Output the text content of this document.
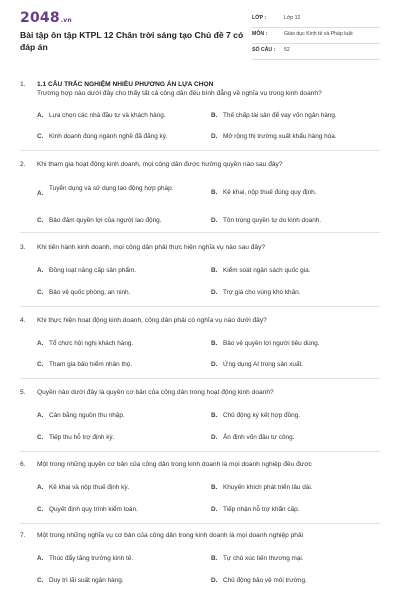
2048.vn
Bài tập ôn tập KTPL 12 Chân trời sáng tạo Chủ đề 7 có đáp án
LỚP :	Lớp 12
MÔN :	Giáo dục Kinh tế và Pháp luật
SỐ CÂU : 52
1. 1.1 CÂU TRẮC NGHIỆM NHIỀU PHƯƠNG ÁN LỰA CHỌN
Trường hợp nào dưới đây cho thấy tất cả công dân đều bình đẳng về nghĩa vụ trong kinh doanh?
A. Lựa chọn các nhà đầu tư và khách hàng.	B. Thế chấp tài sản để vay vốn ngân hàng.
C. Kinh doanh đúng ngành nghề đã đăng ký.	D. Mở rộng thị trường xuất khẩu hàng hóa.
2. Khi tham gia hoạt động kinh doanh, mọi công dân được hưởng quyền nào sau đây?
A.
Tuyển dụng và sử dụng lao động hợp pháp.
B. Kê khai, nộp thuế đúng quy định.
C. Bảo đảm quyền lợi của người lao động.	D. Tôn trọng quyền tự do kinh doanh.
3. Khi tiến hành kinh doanh, mọi công dân phải thực hiện nghĩa vụ nào sau đây?
A. Đồng loạt nâng cấp sản phẩm.	B. Kiểm soát ngân sách quốc gia.
C. Bảo vệ quốc phòng, an ninh.	D. Trợ giá cho vùng khó khăn.
4. Khi thực hiện hoạt động kinh doanh, công dân phải có nghĩa vụ nào dưới đây?
A. Tổ chức hội nghị khách hàng.	B. Bảo vệ quyền lợi người tiêu dùng.
C. Tham gia bảo hiểm nhân thọ.	D. Ứng dụng AI trong sản xuất.
5. Quyền nào dưới đây là quyền cơ bản của công dân trong hoạt động kinh doanh?
A. Cân bằng nguồn thu nhập.	B. Chủ động ký kết hợp đồng.
C. Tiếp thu hỗ trợ định kỳ.	D. Ấn định vốn đầu tư công.
6. Một trong những quyền cơ bản của công dân trong kinh doanh là mọi doanh nghiệp đều được
A. Kê khai và nộp thuế định kỳ.	B. Khuyến khích phát triển lâu dài.
C. Quyết định quy trình kiểm toán.	D. Tiếp nhận hỗ trợ khẩn cấp.
7. Một trong những nghĩa vụ cơ bản của công dân trong kinh doanh là mọi doanh nghiệp phải
A. Thúc đẩy tăng trưởng kinh tế.	B. Tự chủ xúc tiến thương mại.
C. Duy trì lãi suất ngân hàng.	D. Chủ động bảo vệ môi trường.
